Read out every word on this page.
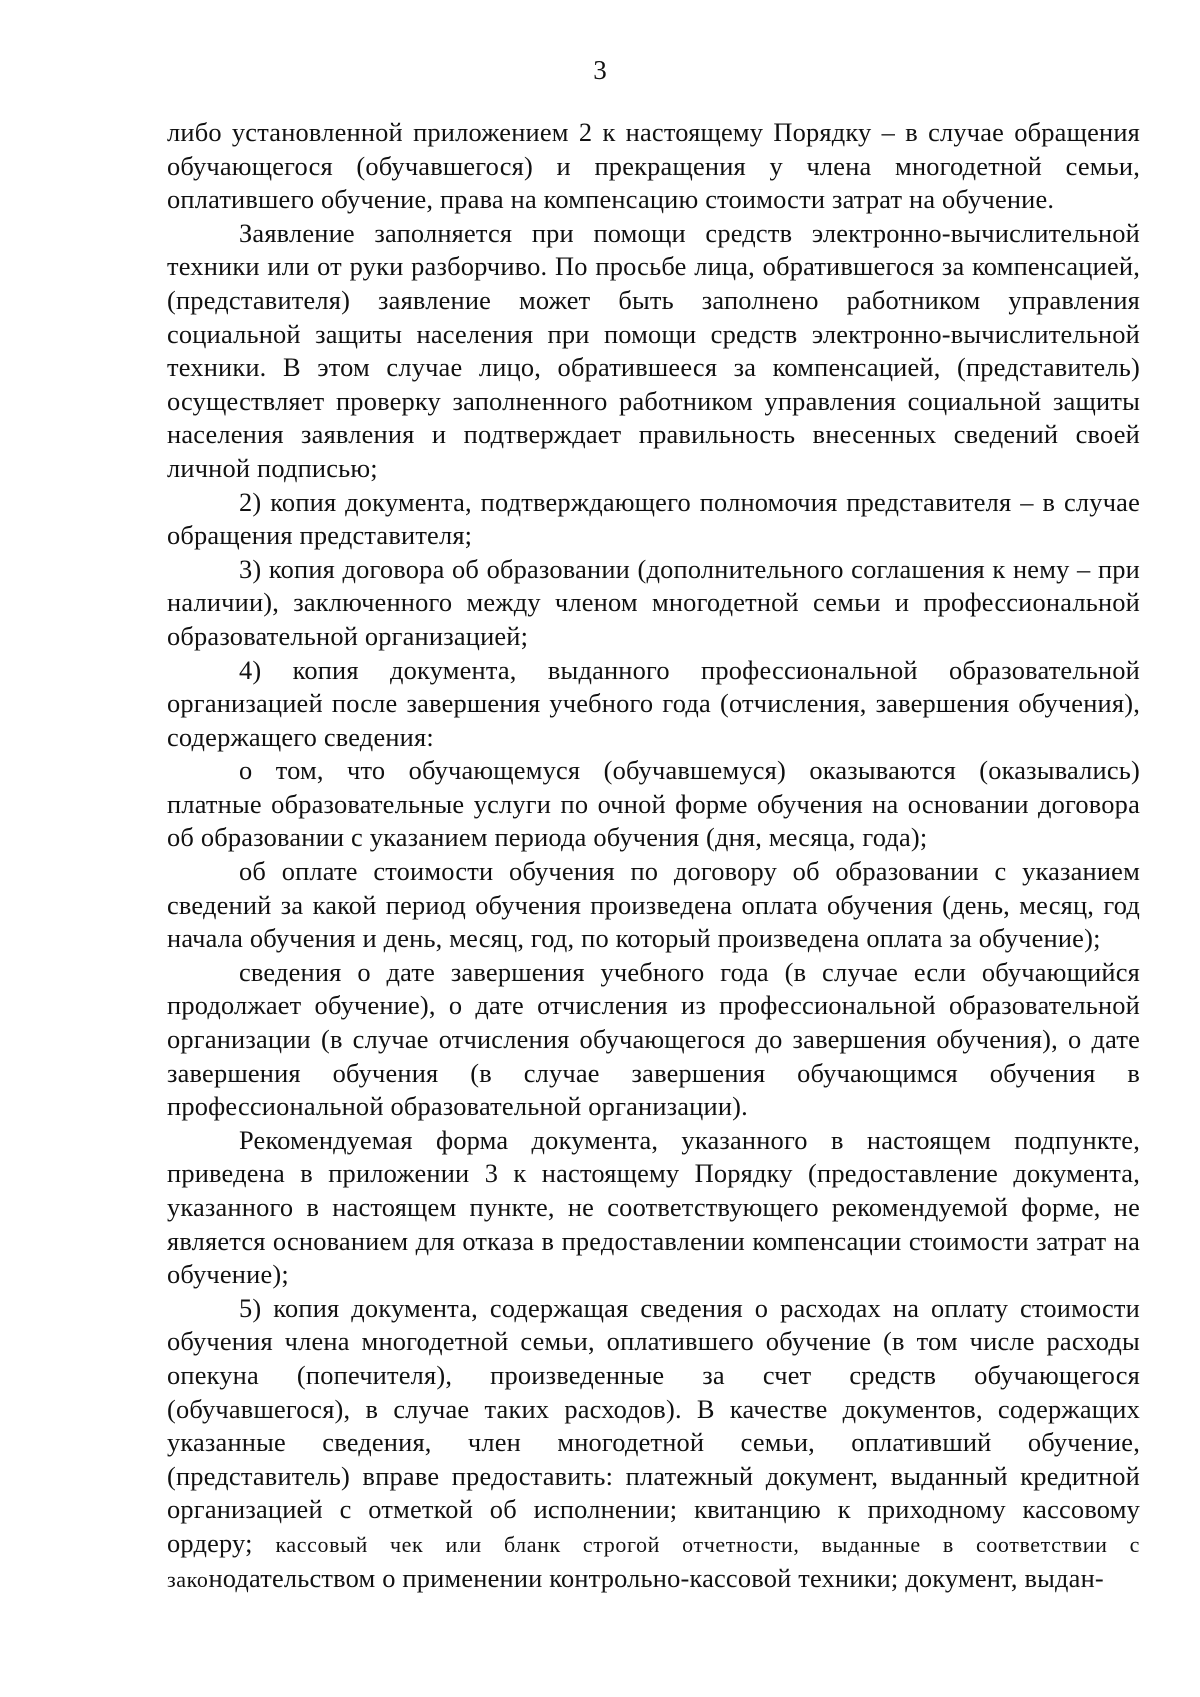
3

либо установленной приложением 2 к настоящему Порядку – в случае обращения обучающегося (обучавшегося) и прекращения у члена многодетной семьи, оплатившего обучение, права на компенсацию стоимости затрат на обучение.

Заявление заполняется при помощи средств электронно-вычислительной техники или от руки разборчиво. По просьбе лица, обратившегося за компенсацией, (представителя) заявление может быть заполнено работником управления социальной защиты населения при помощи средств электронно-вычислительной техники. В этом случае лицо, обратившееся за компенсацией, (представитель) осуществляет проверку заполненного работником управления социальной защиты населения заявления и подтверждает правильность внесенных сведений своей личной подписью;

2) копия документа, подтверждающего полномочия представителя – в случае обращения представителя;

3) копия договора об образовании (дополнительного соглашения к нему – при наличии), заключенного между членом многодетной семьи и профессиональной образовательной организацией;

4) копия документа, выданного профессиональной образовательной организацией после завершения учебного года (отчисления, завершения обучения), содержащего сведения:

о том, что обучающемуся (обучавшемуся) оказываются (оказывались) платные образовательные услуги по очной форме обучения на основании договора об образовании с указанием периода обучения (дня, месяца, года);

об оплате стоимости обучения по договору об образовании с указанием сведений за какой период обучения произведена оплата обучения (день, месяц, год начала обучения и день, месяц, год, по который произведена оплата за обучение);

сведения о дате завершения учебного года (в случае если обучающийся продолжает обучение), о дате отчисления из профессиональной образовательной организации (в случае отчисления обучающегося до завершения обучения), о дате завершения обучения (в случае завершения обучающимся обучения в профессиональной образовательной организации).

Рекомендуемая форма документа, указанного в настоящем подпункте, приведена в приложении 3 к настоящему Порядку (предоставление документа, указанного в настоящем пункте, не соответствующего рекомендуемой форме, не является основанием для отказа в предоставлении компенсации стоимости затрат на обучение);

5) копия документа, содержащая сведения о расходах на оплату стоимости обучения члена многодетной семьи, оплатившего обучение (в том числе расходы опекуна (попечителя), произведенные за счет средств обучающегося (обучавшегося), в случае таких расходов). В качестве документов, содержащих указанные сведения, член многодетной семьи, оплативший обучение, (представитель) вправе предоставить: платежный документ, выданный кредитной организацией с отметкой об исполнении; квитанцию к приходному кассовому ордеру; кассовый чек или бланк строгой отчетности, выданные в соответствии с законодательством о применении контрольно-кассовой техники; документ, выдан-
